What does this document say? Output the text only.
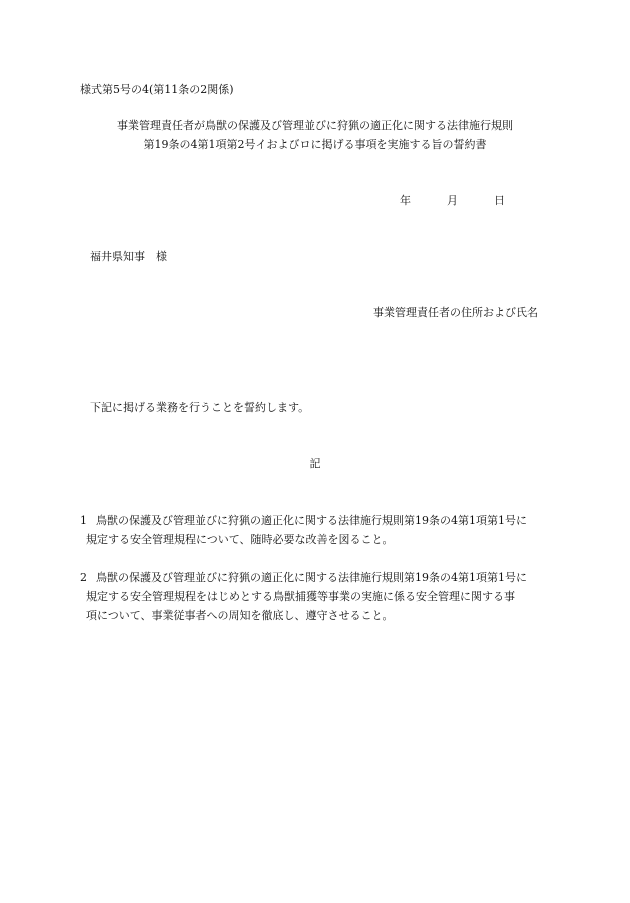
様式第5号の4(第11条の2関係)
事業管理責任者が鳥獣の保護及び管理並びに狩猟の適正化に関する法律施行規則
第19条の4第1項第2号イおよびロに掲げる事項を実施する旨の誓約書
年	月	日
福井県知事　様
事業管理責任者の住所および氏名
下記に掲げる業務を行うことを誓約します。
記
1 鳥獣の保護及び管理並びに狩猟の適正化に関する法律施行規則第19条の4第1項第1号に
規定する安全管理規程について、随時必要な改善を図ること。
2 鳥獣の保護及び管理並びに狩猟の適正化に関する法律施行規則第19条の4第1項第1号に
規定する安全管理規程をはじめとする鳥獣捕獲等事業の実施に係る安全管理に関する事
項について、事業従事者への周知を徹底し、遵守させること。
